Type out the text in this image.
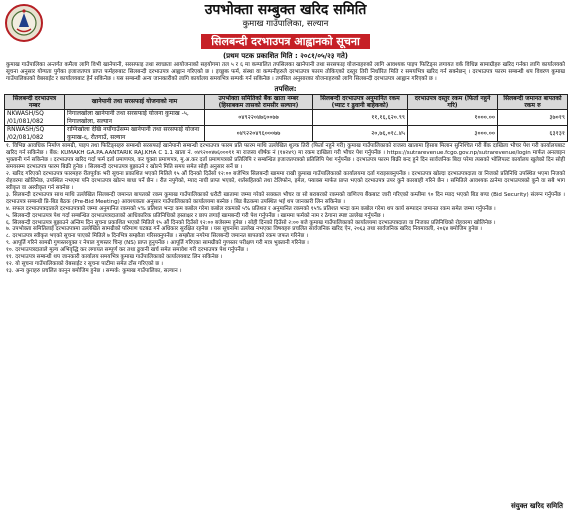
उपभोक्ता सम्बुक्त खरिद समिति
कुमाख गाउँपालिका, सल्यान
सिलबन्दी दरभाउपत्र आह्वानको सूचना
(प्रथम पटक प्रकाशित मिति : २०८१/०५/२३ गते)

कुमाख गाउँपालिका अन्तर्गत कमैला लागि विभी खानेपानी, सरसफाइ तथा स्वच्छता आयोजनाको सहयोगमा तल ५ र ६ मा कम्पालित तपसिलका खानेपानी तथा सरसफाइ योजनाहरुको लागि आवश्यक पाइप फिटिङ्स लगायत वर्क विधिन्न सामाग्रीहरु खरिद गर्नका लागि कार्यालयको सूचना अनुसार योग्यता पुगेका इजाजतपत्र प्राप्त फर्महरुबाट सिलबन्दी दरभाउपत्र आह्वान गरिएको छ । इच्छुक फर्म, संस्था वा कम्पनीहरुले दरभाउपत्र फारम तोकिएको दस्तुर तिरी निर्धारित मिति र समयभित्र खरिद गर्न सक्नेछन् । दरभाउपत्र फारम सम्बन्धी थप विवरण कुमाख गाउँपालिकाको वेबसाईट र कार्यालयबाट हेर्न सकिनेछ । यस सम्बन्धी अन्य जानकारीको लागि कार्यालय समयभित्र सम्पर्क गर्न सकिनेछ । तपसिल अनुसारका योजनाहरुको लागि सिलबन्दी दरभाउपत्र आह्वान गरिएको छ ।

तपसिल:
सिलबन्दी दरभाउपत्र नम्बर	खानेपानी तथा सरसफाई योजनाको नाम	उपभोक्ता समितिको बैंक खाता नम्बर (हिसाबकम तासको रामसीर सल्यान)	सिलबन्दी दरभाउपत्र अनुमानित रकम (भ्याट र ढुवानी बाहेकको)	दरभाउपत्र दस्तुर रकम (फिर्ता नहुने गरि)	सिलबन्दी जमानत बापतको रकम रु
NKWASH/SQ /01/081/082	निगालखोला खानेपानी तथा सरसफाई योजना कुमाख -५, निगालखोला, सल्यान	०४९२२०४७६००७७	११,१६,६२०.९९	१०००.००	३७०१९
RNWASH/SQ /02/081/082	राग्निखोला देखि नयाँगाउँसम्म खानेपानी तथा सरसफाई योजना कुमाख-६, रौतगाउँ, सल्यान	०४९२२०४९६०००७७	२०,७६,०१८.४५	३०००.००	६३१३१
१. विभिन्न आवधिक निर्माण सामग्री, पाइप तथा फिटिङ्सहरु सम्बन्धी सरसफाई खानेपानी सम्बन्धी दरभाउपत्र फारम प्रति फारम माथि उल्लेखित शुल्क तिरी (फिर्ता नहुने गरी) कुमाख गाउँपालिकाको राजस्व खातामा हिसाब मिलान सुनिश्चित गरी बैंक दाखिला भौचर पेश गरी कार्यालयबाट खरिद गर्न सकिनेछ । बैंक: KUMAKH GA.PA.AANTARIK RAJ.KHA C 1.1 खाता नं. ०४९२००४७६०००११ मा राजस्व शीर्षक नं (१४२४९) मा रकम दाखिला गरी भौचर पेश गर्नुपर्नेछ । https://sutrarevenue.fcgo.gov.np/sutrarevenue/login मार्फत अनलाइन भुक्तानी गर्न सकिनेछ । दरभाउपत्र खरिद गर्दा फर्म दर्ता प्रमाणपत्र, कर चुक्ता प्रमाणपत्र, मु.अ.कर दर्ता प्रमाणपत्रको प्रतिलिपि र सम्बन्धित इजाजतपत्रको प्रतिलिपि पेश गर्नुपर्नेछ । दरभाउपत्र फारम बिक्री बन्द हुने दिन सार्वजनिक बिदा परेमा त्यसको भोलिपल्ट कार्यालय खुलेको दिन सोही समयसम्म दरभाउपत्र फारम बिक्री हुनेछ । सिलबन्दी दरभाउपत्र बुझाउने र खोल्ने मिति समय समेत सोही अनुसार सर्ने छ ।
२. खरिद गरिएको दरभाउपत्र फारमहरु रीतपूर्वक भरी सूचना प्रकाशित भएको मितिले १५ औं दिनको दिउँसो १२:०० बजेभित्र सिलबन्दी खाममा राखी कुमाख गाउँपालिकाको कार्यालयमा दर्ता गराइसक्नुपर्नेछ । दरभाउपत्र खोल्दा दरभाउपत्रदाता वा निजको प्रतिनिधि उपस्थित भएमा निजको रोहवरमा खोलिनेछ, उपस्थित नभएमा पनि दरभाउपत्र खोल्न बाधा पर्ने छैन । रीत नपुगेको, म्याद नाघी प्राप्त भएको, शर्तसहितको तथा टेलिफोन, इमेल, फ्याक्स मार्फत प्राप्त भएको दरभाउपत्र उपर कुनै कारबाही गरिने छैन । समितिले आवश्यक ठानेमा दरभाउपत्रको कुनै वा सबै भाग स्वीकृत वा अस्वीकृत गर्न सक्नेछ ।
३. सिलबन्दी दरभाउपत्र साथ माथि उल्लेखित सिलबन्दी जमानत बापतको रकम कुमाख गाउँपालिकाको धरौटी खातामा जम्मा गरेको सक्कल भौचर वा सो बराबरको रकमको वाणिज्य बैंकबाट जारी गरिएको कम्तीमा ९० दिन म्याद भएको बिड बण्ड (Bid Security) संलग्न गर्नुपर्नेछ । दरभाउपत्र सम्बन्धी प्रि-बिड बैठक (Pre-Bid Meeting) आवश्यकता अनुसार गाउँपालिकाको कार्यालयमा बस्नेछ । बिड बैठकमा उपस्थित भई थप जानकारी लिन सकिनेछ ।
४. सफल दरभाउपत्रदाताले दरभाउपत्रको जम्मा अनुमानित रकमको ५% प्रतिशत भन्दा कम कबोल गरेमा कबोल रकमको ५% प्रतिशत र अनुमानित रकमको १५% प्रतिशत भन्दा कम कबोल गरेमा थप कार्य सम्पादन जमानत रकम समेत जम्मा गर्नुपर्नेछ ।
५. सिलबन्दी दरभाउपत्र पेश गर्दा सम्बन्धित दरभाउपत्रदाताको आधिकारिक प्रतिनिधिको हस्ताक्षर र छाप लगाई खामबन्दी गरी पेश गर्नुपर्नेछ । खाममा फर्मको नाम र ठेगाना स्पष्ट उल्लेख गर्नुपर्नेछ ।
६. सिलबन्दी दरभाउपत्र बुझाउने अन्तिम दिन सूचना प्रकाशित भएको मितिले १५ औं दिनको दिउँसो १२:०० बजेसम्म हुनेछ । सोही दिनको दिउँसो २:०० बजे कुमाख गाउँपालिकाको कार्यालयमा दरभाउपत्रदाता वा निजका प्रतिनिधिको रोहवरमा खोलिनेछ ।
७. उपभोक्ता समितिलाई दरभाउपत्रमा उल्लेखित सामग्रीको परिमाण घटबढ गर्ने अधिकार सुरक्षित रहनेछ । यस सूचनामा उल्लेख नभएका विषयहरु प्रचलित सार्वजनिक खरिद ऐन, २०६३ तथा सार्वजनिक खरिद नियमावली, २०६४ बमोजिम हुनेछ ।
८. दरभाउपत्र स्वीकृत भएको सूचना पाएको मितिले ७ दिनभित्र सम्झौता गरिसक्नुपर्नेछ । सम्झौता नगरेमा सिलबन्दी जमानत बापतको रकम जफत गरिनेछ ।
९. आपूर्ति गरिने सामग्री गुणस्तरयुक्त र नेपाल गुणस्तर चिन्ह (NS) प्राप्त हुनुपर्नेछ । आपूर्ति गरिएका सामग्रीको गुणस्तर परीक्षण गरी मात्र भुक्तानी गरिनेछ ।
१०. दरभाउपत्रदाताले मूल्य अभिवृद्धि कर लगायत सम्पूर्ण कर तथा ढुवानी खर्च समेत समावेश गरी दरभाउपत्र पेश गर्नुपर्नेछ ।
११. दरभाउपत्र सम्बन्धी थप जानकारी कार्यालय समयभित्र कुमाख गाउँपालिकाको कार्यालयबाट लिन सकिनेछ ।
१२. यो सूचना गाउँपालिकाको वेबसाईट र सूचना पाटीमा समेत टाँस गरिएको छ ।
१३. अन्य कुराहरु प्रचलित कानुन बमोजिम हुनेछ । सम्पर्क: कुमाख गाउँपालिका, सल्यान ।
संयुक्त खरिद समिति
